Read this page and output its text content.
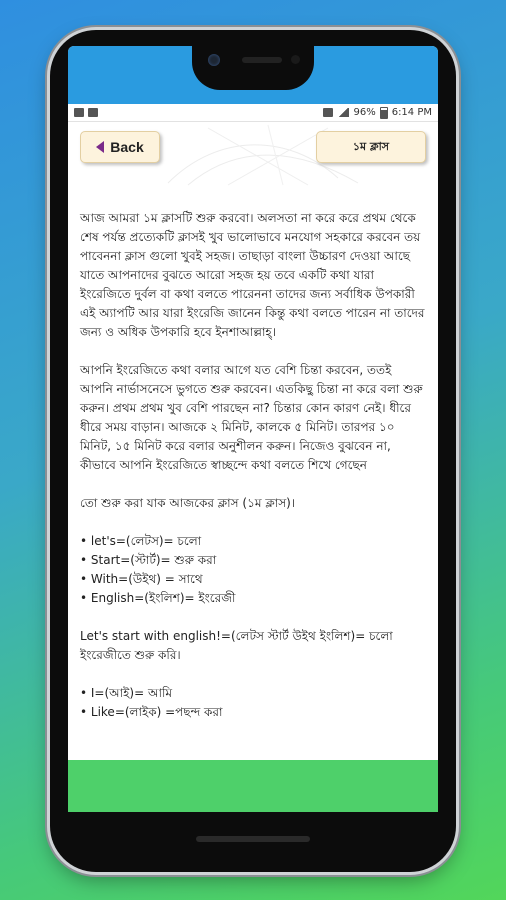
96% 6:14 PM
Back	১ম ক্লাস

আজ আমরা ১ম ক্লাসটি শুরু করবো। অলসতা না করে করে প্রথম থেকে শেষ পর্যন্ত প্রত্যেকটি ক্লাসই খুব ভালোভাবে মনযোগ সহকারে করবেন তয় পাবেননা ক্লাস গুলো খুবই সহজ। তাছাড়া বাংলা উচ্চারণ দেওয়া আছে যাতে আপনাদের বুঝতে আরো সহজ হয় তবে একটি কথা যারা ইংরেজিতে দুর্বল বা কথা বলতে পারেননা তাদের জন্য সর্বাধিক উপকারী এই অ্যাপটি আর যারা ইংরেজি জানেন কিন্তু কথা বলতে পারেন না তাদের জন্য ও অধিক উপকারি হবে ইনশাআল্লাহ্‌।

আপনি ইংরেজিতে কথা বলার আগে যত বেশি চিন্তা করবেন, ততই আপনি নার্ভাসনেসে ভুগতে শুরু করবেন। এতকিছু চিন্তা না করে বলা শুরু করুন। প্রথম প্রথম খুব বেশি পারছেন না? চিন্তার কোন কারণ নেই। ধীরে ধীরে সময় বাড়ান। আজকে ২ মিনিট, কালকে ৫ মিনিট। তারপর ১০ মিনিট, ১৫ মিনিট করে বলার অনুশীলন করুন। নিজেও বুঝবেন না, কীভাবে আপনি ইংরেজিতে স্বাচ্ছন্দে কথা বলতে শিখে গেছেন

তো শুরু করা যাক আজকের ক্লাস (১ম ক্লাস)।

• let's=(লেটস)= চলো
• Start=(স্টার্ট)= শুরু করা
• With=(উইথ) = সাথে
• English=(ইংলিশ)= ইংরেজী

Let's start with english!=(লেটস স্টার্ট উইথ ইংলিশ)= চলো ইংরেজীতে শুরু করি।

• I=(আই)= আমি
• Like=(লাইক) =পছন্দ করা
